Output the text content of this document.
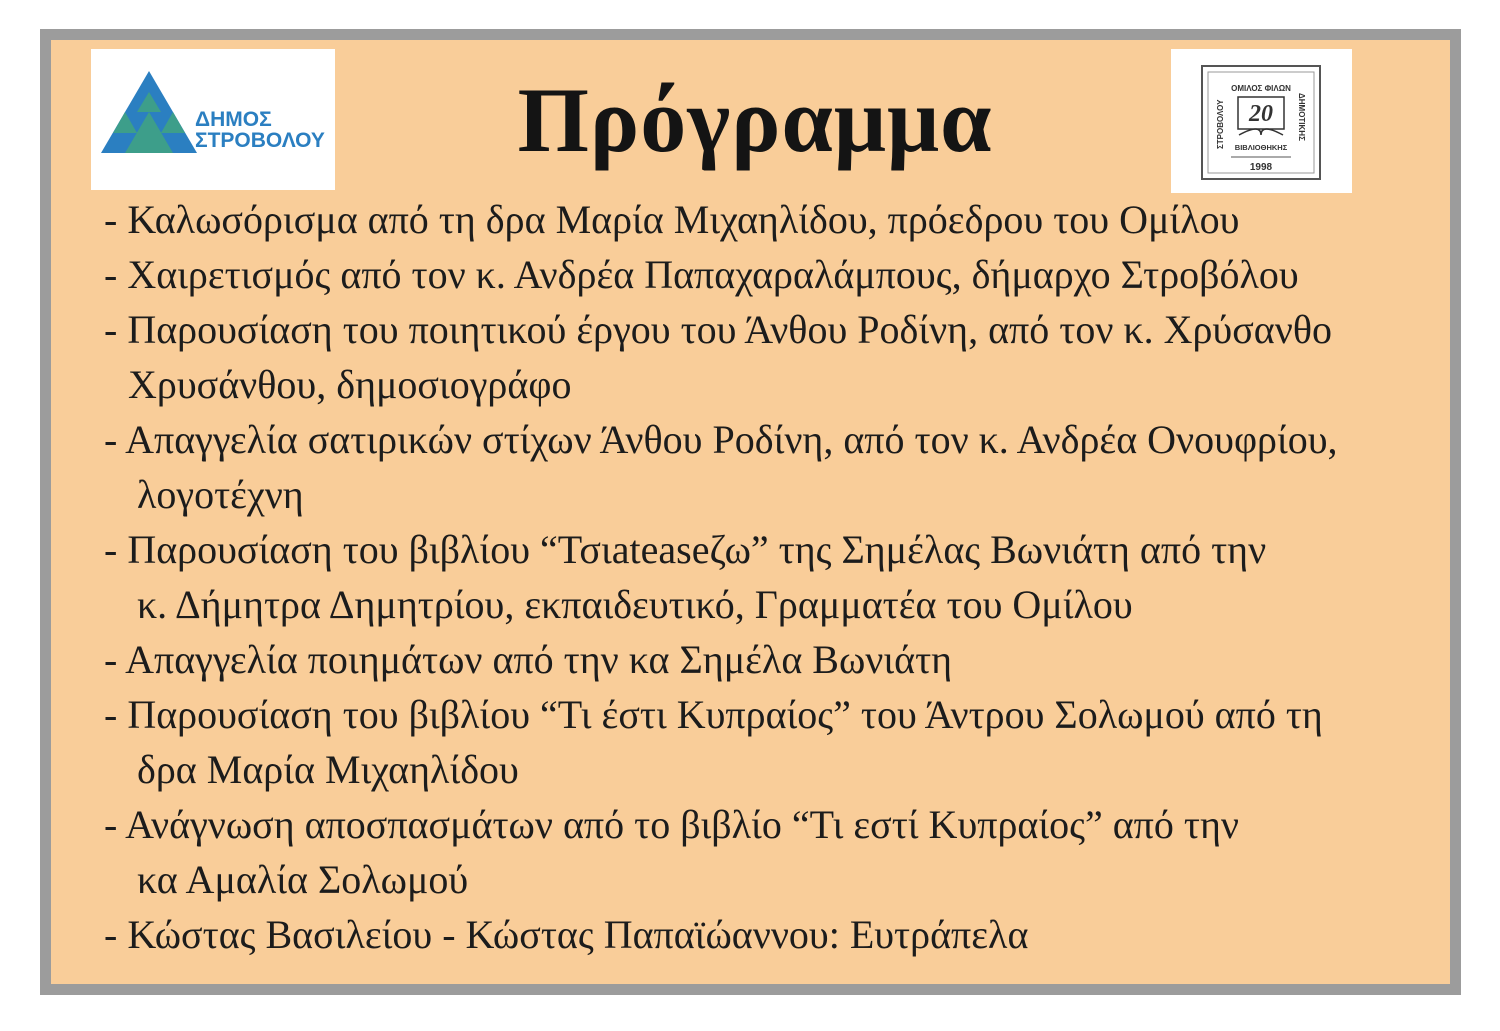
ΔΗΜΟΣ
ΣΤΡΟΒΟΛΟΥ	Πρόγραμμα	ΟΜΙΛΟΣ ΦΙΛΩΝ
ΣΤΡΟΒΟΛΟΥ	ΔΗΜΟΤΙΚΗΣ
20
ΒΙΒΛΙΟΘΗΚΗΣ
1998
- Καλωσόρισμα από τη δρα Μαρία Μιχαηλίδου, πρόεδρου του Ομίλου
- Χαιρετισμός από τον κ. Ανδρέα Παπαχαραλάμπους, δήμαρχο Στροβόλου
- Παρουσίαση του ποιητικού έργου του Άνθου Ροδίνη, από τον κ. Χρύσανθο
Χρυσάνθου, δημοσιογράφο
- Απαγγελία σατιρικών στίχων Άνθου Ροδίνη, από τον κ. Ανδρέα Ονουφρίου,
λογοτέχνη
- Παρουσίαση του βιβλίου “Τσιateaseζω” της Σημέλας Βωνιάτη από την
κ. Δήμητρα Δημητρίου, εκπαιδευτικό, Γραμματέα του Ομίλου
- Απαγγελία ποιημάτων από την κα Σημέλα Βωνιάτη
- Παρουσίαση του βιβλίου “Τι έστι Κυπραίος” του Άντρου Σολωμού από τη
δρα Μαρία Μιχαηλίδου
- Ανάγνωση αποσπασμάτων από το βιβλίο “Τι εστί Κυπραίος” από την
κα Αμαλία Σολωμού
- Κώστας Βασιλείου - Κώστας Παπαϊώαννου: Ευτράπελα
